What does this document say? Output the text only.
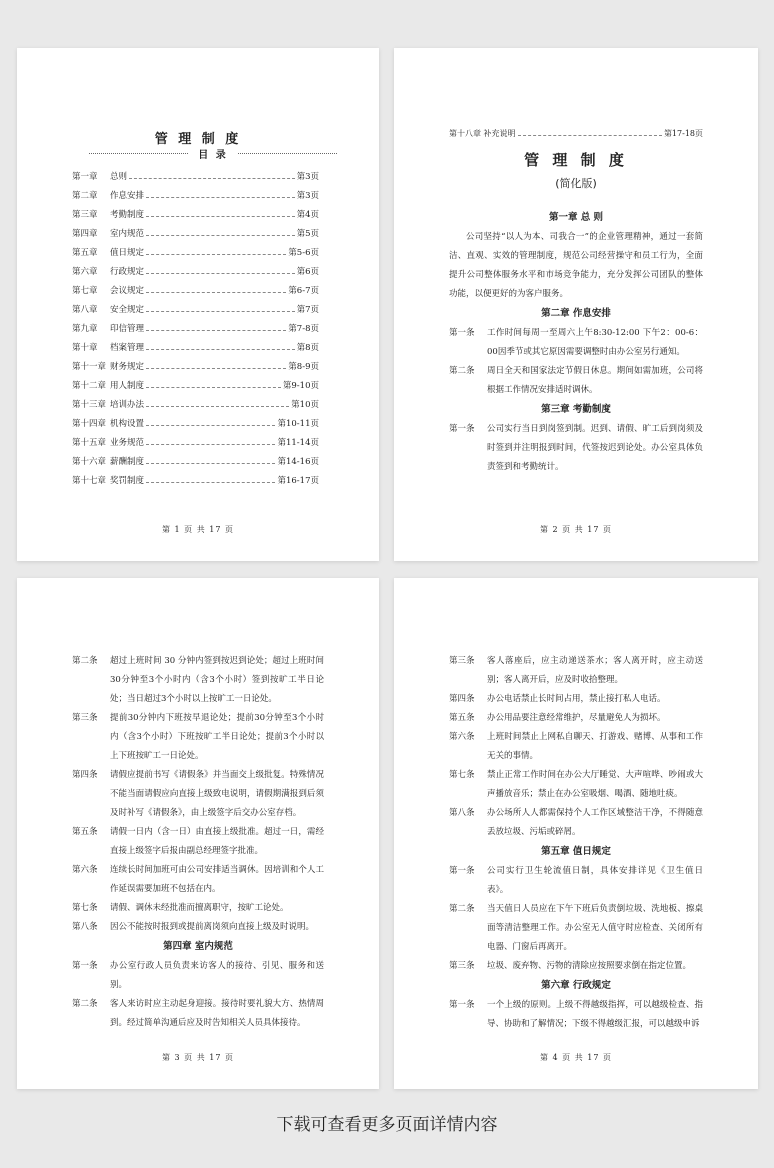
管 理 制 度
目 录
第一章	总则	第3页
第二章	作息安排	第3页
第三章	考勤制度	第4页
第四章	室内规范	第5页
第五章	值日规定	第5-6页
第六章	行政规定	第6页
第七章	会议规定	第6-7页
第八章	安全规定	第7页
第九章	印信管理	第7-8页
第十章	档案管理	第8页
第十一章 财务规定	第8-9页
第十二章 用人制度	第9-10页
第十三章 培训办法	第10页
第十四章 机构设置	第10-11页
第十五章 业务规范	第11-14页
第十六章 薪酬制度	第14-16页
第十七章 奖罚制度	第16-17页
第 1 页 共 17 页
第十八章 补充说明	第17-18页
管 理 制 度
(简化版)
第一章 总 则
公司坚持“以人为本、司我合一”的企业管理精神，通过一套简洁、直观、实效的管理制度，规范公司经营操守和员工行为，全面提升公司整体服务水平和市场竞争能力，充分发挥公司团队的整体功能，以便更好的为客户服务。
第二章 作息安排
第一条	工作时间每周一至周六上午8:30-12:00 下午2：00-6：00因季节或其它原因需要调整时由办公室另行通知。
第二条	周日全天和国家法定节假日休息。期间如需加班，公司将根据工作情况安排适时调休。
第三章 考勤制度
第一条	公司实行当日到岗签到制。迟到、请假、旷工后到岗须及时签到并注明报到时间，代签按迟到论处。办公室具体负责签到和考勤统计。
第 2 页 共 17 页
第二条	超过上班时间 30 分钟内签到按迟到论处；超过上班时间30分钟至3个小时内（含3个小时）签到按旷工半日论处；当日超过3个小时以上按旷工一日论处。
第三条	提前30分钟内下班按早退论处；提前30分钟至3个小时内（含3个小时）下班按旷工半日论处；提前3个小时以上下班按旷工一日论处。
第四条	请假应提前书写《请假条》并当面交上级批复。特殊情况不能当面请假应向直接上级致电说明，请假期满报到后须及时补写《请假条》，由上级签字后交办公室存档。
第五条	请假一日内（含一日）由直接上级批准。超过一日，需经直接上级签字后报由副总经理签字批准。
第六条	连续长时间加班可由公司安排适当调休。因培训和个人工作延误需要加班不包括在内。
第七条	请假、调休未经批准而擅离职守，按旷工论处。
第八条	因公不能按时报到或提前离岗须向直接上级及时说明。
第四章 室内规范
第一条	办公室行政人员负责来访客人的接待、引见、服务和送别。
第二条	客人来访时应主动起身迎接。接待时要礼貌大方、热情周到。经过简单沟通后应及时告知相关人员具体接待。
第 3 页 共 17 页
第三条	客人落座后，应主动递送茶水；客人离开时，应主动送别；客人离开后，应及时收拾整理。
第四条	办公电话禁止长时间占用，禁止接打私人电话。
第五条	办公用品要注意经常维护，尽量避免人为损坏。
第六条	上班时间禁止上网私自聊天、打游戏、赌博、从事和工作无关的事情。
第七条	禁止正常工作时间在办公大厅睡觉、大声喧哗、吵闹或大声播放音乐；禁止在办公室吸烟、喝酒、随地吐痰。
第八条	办公场所人人都需保持个人工作区域整洁干净，不得随意丢放垃圾、污垢或碎屑。
第五章 值日规定
第一条	公司实行卫生轮流值日制，具体安排详见《卫生值日表》。
第二条	当天值日人员应在下午下班后负责倒垃圾、洗地板、擦桌面等清洁整理工作。办公室无人值守时应检查、关闭所有电器、门窗后再离开。
第三条	垃圾、废弃物、污物的清除应按照要求倒在指定位置。
第六章 行政规定
第一条	一个上级的原则。上级不得越级指挥，可以越级检查、指导、协助和了解情况；下级不得越级汇报，可以越级申诉
第 4 页 共 17 页
下载可查看更多页面详情内容
